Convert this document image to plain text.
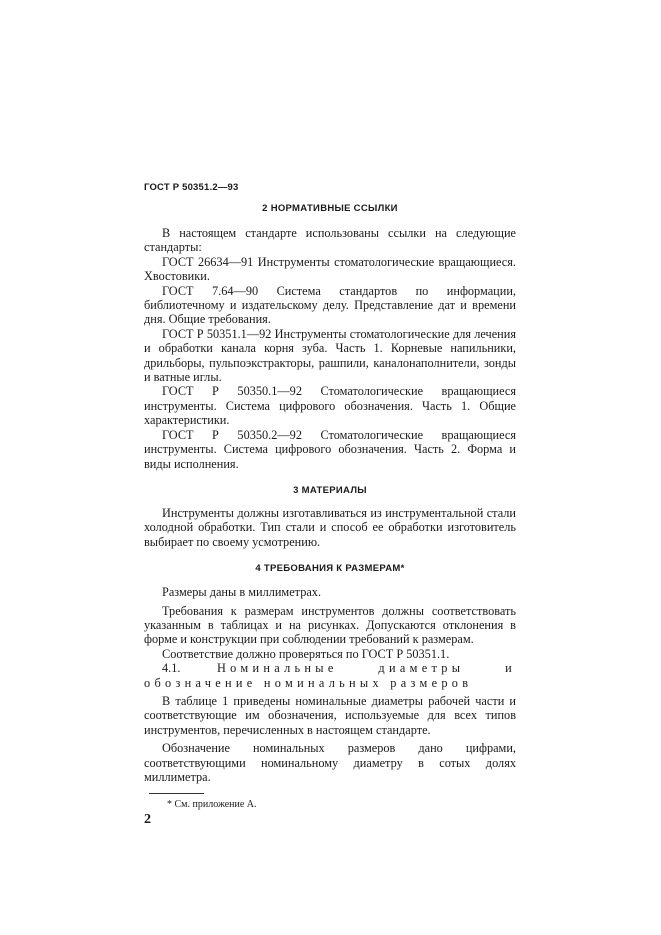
ГОСТ Р 50351.2—93
2 НОРМАТИВНЫЕ ССЫЛКИ

В настоящем стандарте использованы ссылки на следующие стандарты:

ГОСТ 26634—91 Инструменты стоматологические вращающиеся. Хвостовики.

ГОСТ 7.64—90 Система стандартов по информации, библиотечному и издательскому делу. Представление дат и времени дня. Общие требования.

ГОСТ Р 50351.1—92 Инструменты стоматологические для лечения и обработки канала корня зуба. Часть 1. Корневые напильники, дрильборы, пульпоэкстракторы, рашпили, каналонаполнители, зонды и ватные иглы.

ГОСТ Р 50350.1—92 Стоматологические вращающиеся инструменты. Система цифрового обозначения. Часть 1. Общие характеристики.

ГОСТ Р 50350.2—92 Стоматологические вращающиеся инструменты. Система цифрового обозначения. Часть 2. Форма и виды исполнения.

3 МАТЕРИАЛЫ

Инструменты должны изготавливаться из инструментальной стали холодной обработки. Тип стали и способ ее обработки изготовитель выбирает по своему усмотрению.

4 ТРЕБОВАНИЯ К РАЗМЕРАМ*

Размеры даны в миллиметрах.

Требования к размерам инструментов должны соответствовать указанным в таблицах и на рисунках. Допускаются отклонения в форме и конструкции при соблюдении требований к размерам.

Соответствие должно проверяться по ГОСТ Р 50351.1.

4.1.	Номинальные диаметры и обозначение номинальных размеров

В таблице 1 приведены номинальные диаметры рабочей части и соответствующие им обозначения, используемые для всех типов инструментов, перечисленных в настоящем стандарте.

Обозначение номинальных размеров дано цифрами, соответствующими номинальному диаметру в сотых долях миллиметра.

* См. приложение А.
2
